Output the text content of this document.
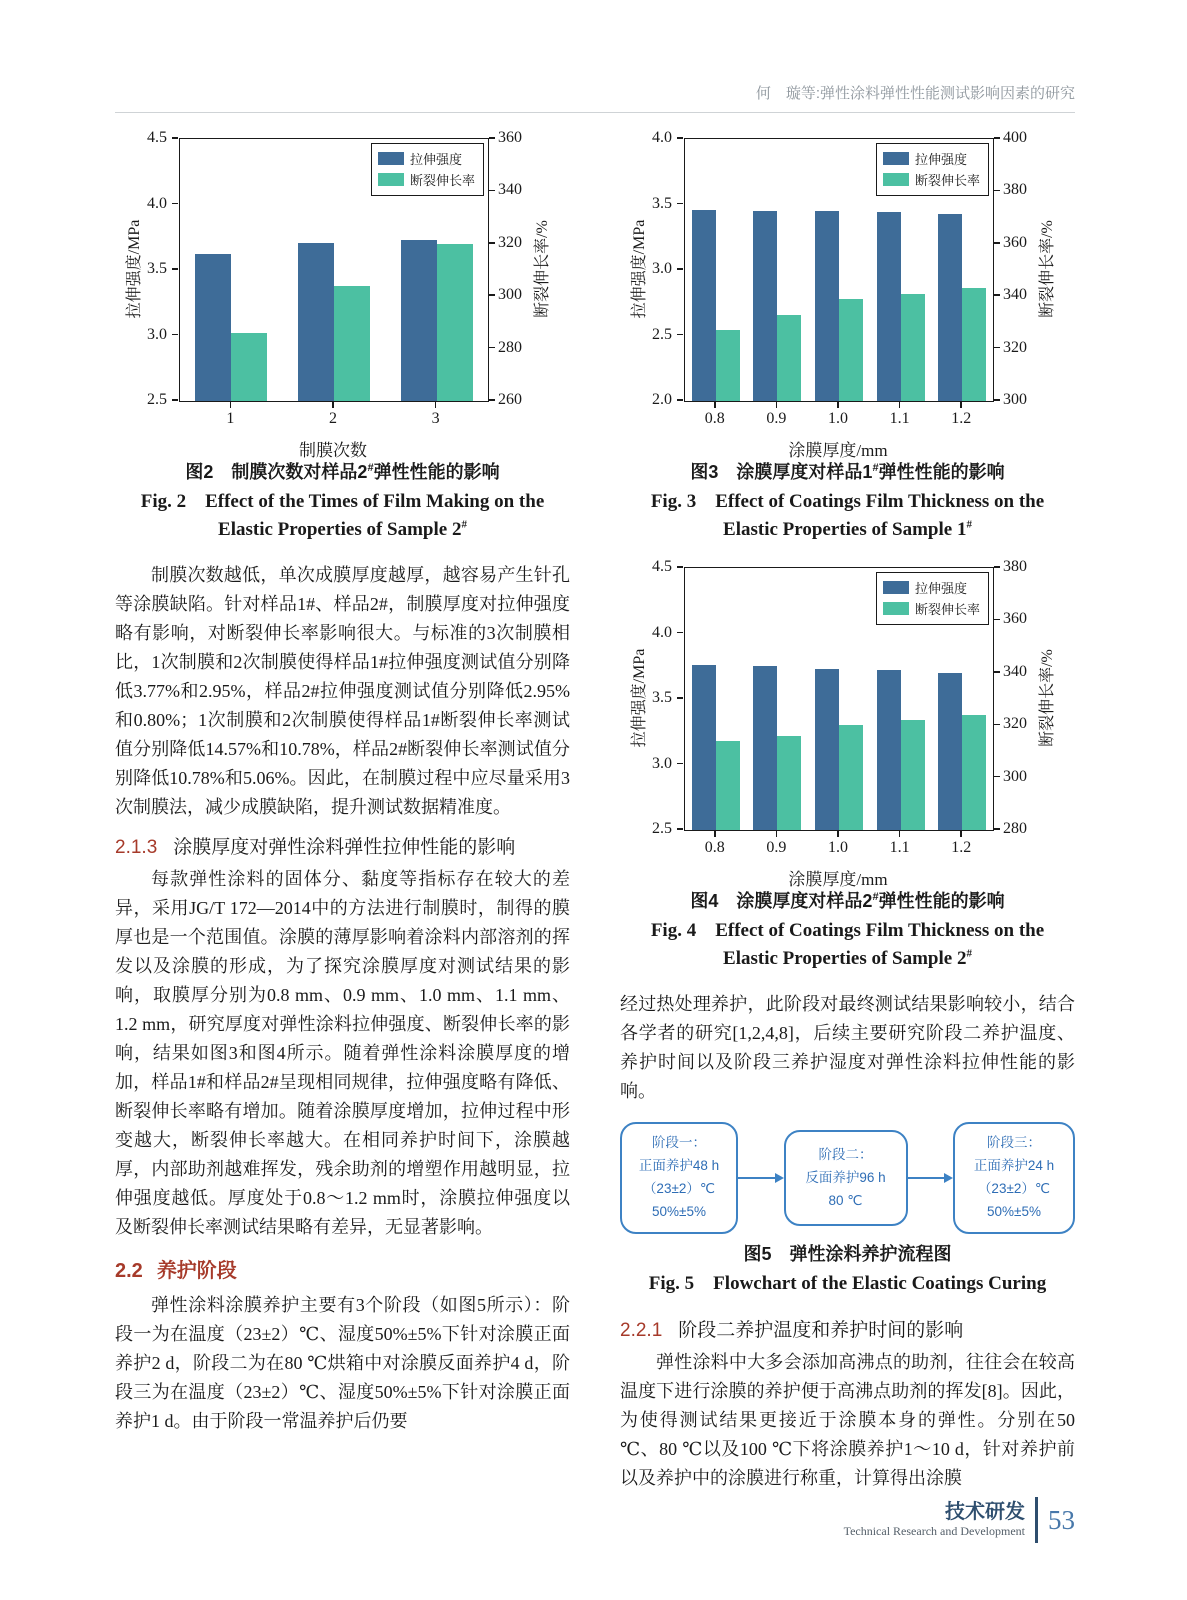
何　璇等:弹性涂料弹性性能测试影响因素的研究
拉伸强度
断裂伸长率
2.5
3.0
3.5
4.0
4.5
拉伸强度/MPa
260
280
300
320
340
360
断裂伸长率/%
1	2	3
制膜次数
图2　制膜次数对样品2#弹性性能的影响
Fig. 2　Effect of the Times of Film Making on the Elastic Properties of Sample 2#

制膜次数越低，单次成膜厚度越厚，越容易产生针孔等涂膜缺陷。针对样品1#、样品2#，制膜厚度对拉伸强度略有影响，对断裂伸长率影响很大。与标准的3次制膜相比，1次制膜和2次制膜使得样品1#拉伸强度测试值分别降低3.77%和2.95%，样品2#拉伸强度测试值分别降低2.95%和0.80%；1次制膜和2次制膜使得样品1#断裂伸长率测试值分别降低14.57%和10.78%，样品2#断裂伸长率测试值分别降低10.78%和5.06%。因此，在制膜过程中应尽量采用3次制膜法，减少成膜缺陷，提升测试数据精准度。

2.1.3 涂膜厚度对弹性涂料弹性拉伸性能的影响

每款弹性涂料的固体分、黏度等指标存在较大的差异，采用JG/T 172—2014中的方法进行制膜时，制得的膜厚也是一个范围值。涂膜的薄厚影响着涂料内部溶剂的挥发以及涂膜的形成，为了探究涂膜厚度对测试结果的影响，取膜厚分别为0.8 mm、0.9 mm、1.0 mm、1.1 mm、1.2 mm，研究厚度对弹性涂料拉伸强度、断裂伸长率的影响，结果如图3和图4所示。随着弹性涂料涂膜厚度的增加，样品1#和样品2#呈现相同规律，拉伸强度略有降低、断裂伸长率略有增加。随着涂膜厚度增加，拉伸过程中形变越大，断裂伸长率越大。在相同养护时间下，涂膜越厚，内部助剂越难挥发，残余助剂的增塑作用越明显，拉伸强度越低。厚度处于0.8～1.2 mm时，涂膜拉伸强度以及断裂伸长率测试结果略有差异，无显著影响。

2.2 养护阶段

弹性涂料涂膜养护主要有3个阶段（如图5所示）：阶段一为在温度（23±2）℃、湿度50%±5%下针对涂膜正面养护2 d，阶段二为在80 ℃烘箱中对涂膜反面养护4 d，阶段三为在温度（23±2）℃、湿度50%±5%下针对涂膜正面养护1 d。由于阶段一常温养护后仍要

拉伸强度
断裂伸长率
2.0
2.5
3.0
3.5
4.0
拉伸强度/MPa
300
320
340
360
380
400
断裂伸长率/%
0.8	0.9	1.0	1.1	1.2
涂膜厚度/mm
图3　涂膜厚度对样品1#弹性性能的影响
Fig. 3　Effect of Coatings Film Thickness on the Elastic Properties of Sample 1#
拉伸强度
断裂伸长率
2.5
3.0
3.5
4.0
4.5
拉伸强度/MPa
280
300
320
340
360
380
断裂伸长率/%
0.8	0.9	1.0	1.1	1.2
涂膜厚度/mm
图4　涂膜厚度对样品2#弹性性能的影响
Fig. 4　Effect of Coatings Film Thickness on the Elastic Properties of Sample 2#

经过热处理养护，此阶段对最终测试结果影响较小，结合各学者的研究[1,2,4,8]，后续主要研究阶段二养护温度、养护时间以及阶段三养护湿度对弹性涂料拉伸性能的影响。

阶段一：
正面养护48 h
（23±2）℃
50%±5%
阶段二：
反面养护96 h
80 ℃
阶段三：
正面养护24 h
（23±2）℃
50%±5%
图5　弹性涂料养护流程图
Fig. 5　Flowchart of the Elastic Coatings Curing
2.2.1 阶段二养护温度和养护时间的影响

弹性涂料中大多会添加高沸点的助剂，往往会在较高温度下进行涂膜的养护便于高沸点助剂的挥发[8]。因此，为使得测试结果更接近于涂膜本身的弹性。分别在50 ℃、80 ℃以及100 ℃下将涂膜养护1～10 d，针对养护前以及养护中的涂膜进行称重，计算得出涂膜

技术研发
Technical Research and Development 53
